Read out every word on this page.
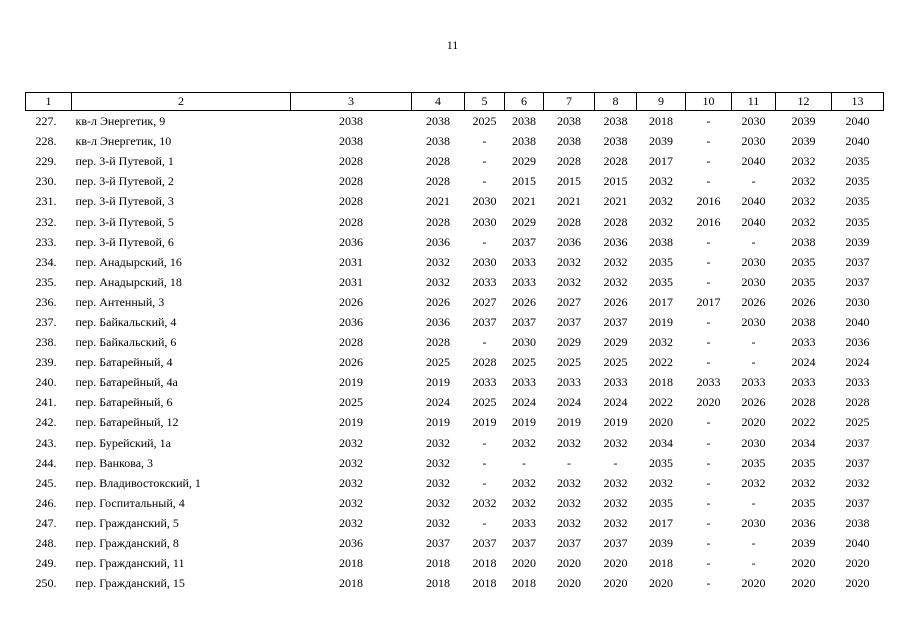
11
1	2	3	4	5	6	7	8	9	10	11	12	13
227.	кв-л Энергетик, 9	2038	2038	2025	2038	2038	2038	2018	-	2030	2039	2040
228.	кв-л Энергетик, 10	2038	2038	-	2038	2038	2038	2039	-	2030	2039	2040
229.	пер. 3-й Путевой, 1	2028	2028	-	2029	2028	2028	2017	-	2040	2032	2035
230.	пер. 3-й Путевой, 2	2028	2028	-	2015	2015	2015	2032	-	-	2032	2035
231.	пер. 3-й Путевой, 3	2028	2021	2030	2021	2021	2021	2032	2016	2040	2032	2035
232.	пер. 3-й Путевой, 5	2028	2028	2030	2029	2028	2028	2032	2016	2040	2032	2035
233.	пер. 3-й Путевой, 6	2036	2036	-	2037	2036	2036	2038	-	-	2038	2039
234.	пер. Анадырский, 16	2031	2032	2030	2033	2032	2032	2035	-	2030	2035	2037
235.	пер. Анадырский, 18	2031	2032	2033	2033	2032	2032	2035	-	2030	2035	2037
236.	пер. Антенный, 3	2026	2026	2027	2026	2027	2026	2017	2017	2026	2026	2030
237.	пер. Байкальский, 4	2036	2036	2037	2037	2037	2037	2019	-	2030	2038	2040
238.	пер. Байкальский, 6	2028	2028	-	2030	2029	2029	2032	-	-	2033	2036
239.	пер. Батарейный, 4	2026	2025	2028	2025	2025	2025	2022	-	-	2024	2024
240.	пер. Батарейный, 4а	2019	2019	2033	2033	2033	2033	2018	2033	2033	2033	2033
241.	пер. Батарейный, 6	2025	2024	2025	2024	2024	2024	2022	2020	2026	2028	2028
242.	пер. Батарейный, 12	2019	2019	2019	2019	2019	2019	2020	-	2020	2022	2025
243.	пер. Бурейский, 1а	2032	2032	-	2032	2032	2032	2034	-	2030	2034	2037
244.	пер. Ванкова, 3	2032	2032	-	-	-	-	2035	-	2035	2035	2037
245.	пер. Владивостокский, 1	2032	2032	-	2032	2032	2032	2032	-	2032	2032	2032
246.	пер. Госпитальный, 4	2032	2032	2032	2032	2032	2032	2035	-	-	2035	2037
247.	пер. Гражданский, 5	2032	2032	-	2033	2032	2032	2017	-	2030	2036	2038
248.	пер. Гражданский, 8	2036	2037	2037	2037	2037	2037	2039	-	-	2039	2040
249.	пер. Гражданский, 11	2018	2018	2018	2020	2020	2020	2018	-	-	2020	2020
250.	пер. Гражданский, 15	2018	2018	2018	2018	2020	2020	2020	-	2020	2020	2020
